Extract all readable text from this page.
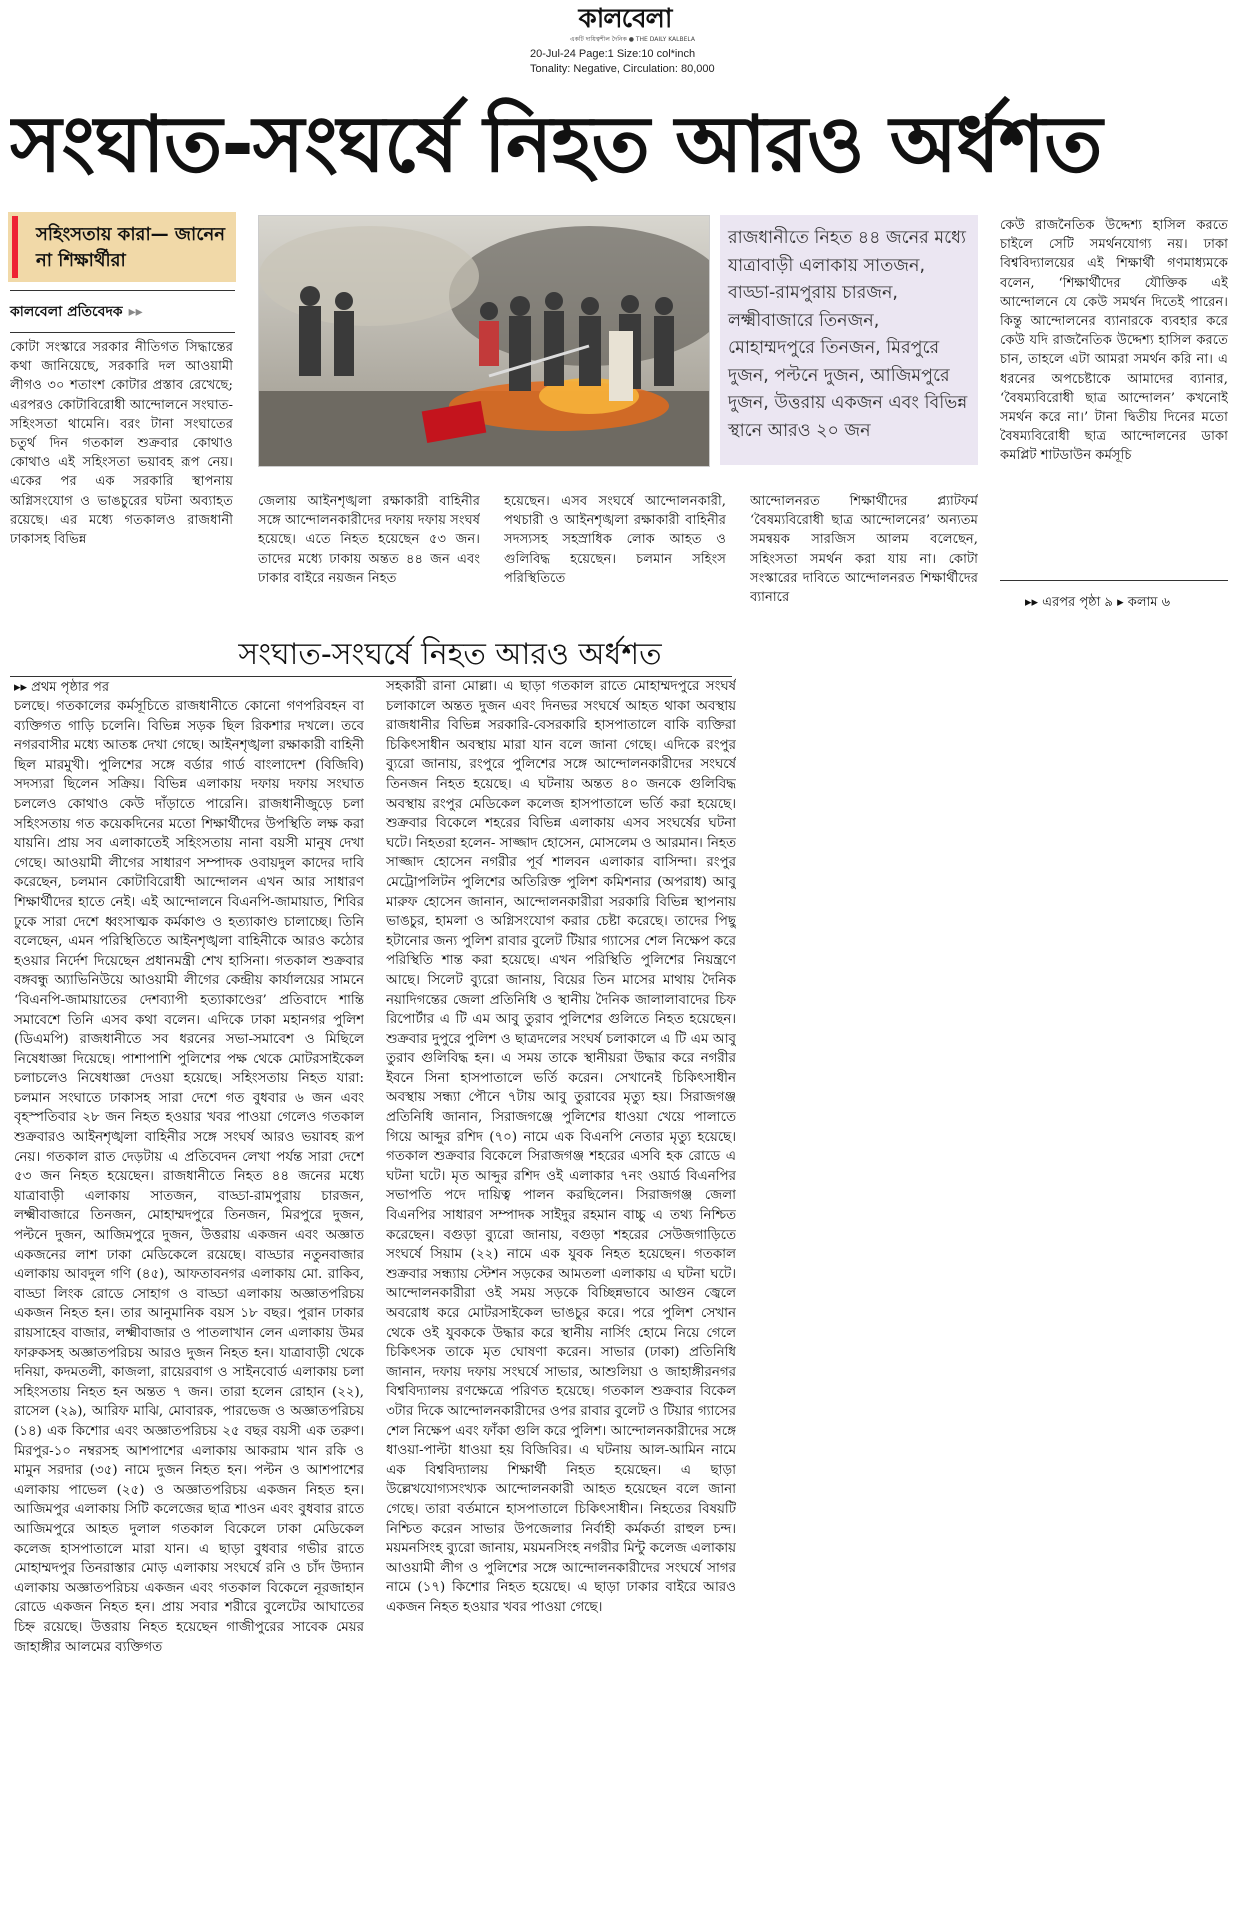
কালবেলা
একটি দায়িত্বশীল দৈনিক ● THE DAILY KALBELA
20-Jul-24 Page:1 Size:10 col*inch
Tonality: Negative, Circulation: 80,000
সংঘাত-সংঘর্ষে নিহত আরও অর্ধশত
সহিংসতায় কারা— জানেন না শিক্ষার্থীরা
কালবেলা প্রতিবেদক ▸▸
কোটা সংস্কারে সরকার নীতিগত সিদ্ধান্তের কথা জানিয়েছে, সরকারি দল আওয়ামী লীগও ৩০ শতাংশ কোটার প্রস্তাব রেখেছে; এরপরও কোটাবিরোধী আন্দোলনে সংঘাত-সহিংসতা থামেনি। বরং টানা সংঘাতের চতুর্থ দিন গতকাল শুক্রবার কোথাও কোথাও এই সহিংসতা ভয়াবহ রূপ নেয়। একের পর এক সরকারি স্থাপনায় অগ্নিসংযোগ ও ভাঙচুরের ঘটনা অব্যাহত রয়েছে। এর মধ্যে গতকালও রাজধানী ঢাকাসহ বিভিন্ন
রাজধানীতে নিহত ৪৪ জনের মধ্যে যাত্রাবাড়ী এলাকায় সাতজন, বাড্ডা-রামপুরায় চারজন, লক্ষ্মীবাজারে তিনজন, মোহাম্মদপুরে তিনজন, মিরপুরে দুজন, পল্টনে দুজন, আজিমপুরে দুজন, উত্তরায় একজন এবং বিভিন্ন স্থানে আরও ২০ জন
জেলায় আইনশৃঙ্খলা রক্ষাকারী বাহিনীর সঙ্গে আন্দোলনকারীদের দফায় দফায় সংঘর্ষ হয়েছে। এতে নিহত হয়েছেন ৫৩ জন। তাদের মধ্যে ঢাকায় অন্তত ৪৪ জন এবং ঢাকার বাইরে নয়জন নিহত
হয়েছেন। এসব সংঘর্ষে আন্দোলনকারী, পথচারী ও আইনশৃঙ্খলা রক্ষাকারী বাহিনীর সদস্যসহ সহস্রাধিক লোক আহত ও গুলিবিদ্ধ হয়েছেন। চলমান সহিংস পরিস্থিতিতে
আন্দোলনরত শিক্ষার্থীদের প্ল্যাটফর্ম ‘বৈষম্যবিরোধী ছাত্র আন্দোলনের’ অন্যতম সমন্বয়ক সারজিস আলম বলেছেন, সহিংসতা সমর্থন করা যায় না। কোটা সংস্কারের দাবিতে আন্দোলনরত শিক্ষার্থীদের ব্যানারে
কেউ রাজনৈতিক উদ্দেশ্য হাসিল করতে চাইলে সেটি সমর্থনযোগ্য নয়। ঢাকা বিশ্ববিদ্যালয়ের এই শিক্ষার্থী গণমাধ্যমকে বলেন, ‘শিক্ষার্থীদের যৌক্তিক এই আন্দোলনে যে কেউ সমর্থন দিতেই পারেন। কিন্তু আন্দোলনের ব্যানারকে ব্যবহার করে কেউ যদি রাজনৈতিক উদ্দেশ্য হাসিল করতে চান, তাহলে এটা আমরা সমর্থন করি না। এ ধরনের অপচেষ্টাকে আমাদের ব্যানার, ‘বৈষম্যবিরোধী ছাত্র আন্দোলন’ কখনোই সমর্থন করে না।’ টানা দ্বিতীয় দিনের মতো বৈষম্যবিরোধী ছাত্র আন্দোলনের ডাকা কমপ্লিট শাটডাউন কর্মসূচি
▸▸ এরপর পৃষ্ঠা ৯ ▸ কলাম ৬
সংঘাত-সংঘর্ষে নিহত আরও অর্ধশত
▸▸ প্রথম পৃষ্ঠার পর
চলছে। গতকালের কর্মসূচিতে রাজধানীতে কোনো গণপরিবহন বা ব্যক্তিগত গাড়ি চলেনি। বিভিন্ন সড়ক ছিল রিকশার দখলে। তবে নগরবাসীর মধ্যে আতঙ্ক দেখা গেছে। আইনশৃঙ্খলা রক্ষাকারী বাহিনী ছিল মারমুখী। পুলিশের সঙ্গে বর্ডার গার্ড বাংলাদেশ (বিজিবি) সদস্যরা ছিলেন সক্রিয়। বিভিন্ন এলাকায় দফায় দফায় সংঘাত চললেও কোথাও কেউ দাঁড়াতে পারেনি। রাজধানীজুড়ে চলা সহিংসতায় গত কয়েকদিনের মতো শিক্ষার্থীদের উপস্থিতি লক্ষ করা যায়নি। প্রায় সব এলাকাতেই সহিংসতায় নানা বয়সী মানুষ দেখা গেছে। আওয়ামী লীগের সাধারণ সম্পাদক ওবায়দুল কাদের দাবি করেছেন, চলমান কোটাবিরোধী আন্দোলন এখন আর সাধারণ শিক্ষার্থীদের হাতে নেই। এই আন্দোলনে বিএনপি-জামায়াত, শিবির ঢুকে সারা দেশে ধ্বংসাত্মক কর্মকাণ্ড ও হত্যাকাণ্ড চালাচ্ছে। তিনি বলেছেন, এমন পরিস্থিতিতে আইনশৃঙ্খলা বাহিনীকে আরও কঠোর হওয়ার নির্দেশ দিয়েছেন প্রধানমন্ত্রী শেখ হাসিনা। গতকাল শুক্রবার বঙ্গবন্ধু অ্যাভিনিউয়ে আওয়ামী লীগের কেন্দ্রীয় কার্যালয়ের সামনে ‘বিএনপি-জামায়াতের দেশব্যাপী হত্যাকাণ্ডের’ প্রতিবাদে শান্তি সমাবেশে তিনি এসব কথা বলেন। এদিকে ঢাকা মহানগর পুলিশ (ডিএমপি) রাজধানীতে সব ধরনের সভা-সমাবেশ ও মিছিলে নিষেধাজ্ঞা দিয়েছে। পাশাপাশি পুলিশের পক্ষ থেকে মোটরসাইকেল চলাচলেও নিষেধাজ্ঞা দেওয়া হয়েছে। সহিংসতায় নিহত যারা: চলমান সংঘাতে ঢাকাসহ সারা দেশে গত বুধবার ৬ জন এবং বৃহস্পতিবার ২৮ জন নিহত হওয়ার খবর পাওয়া গেলেও গতকাল শুক্রবারও আইনশৃঙ্খলা বাহিনীর সঙ্গে সংঘর্ষ আরও ভয়াবহ রূপ নেয়। গতকাল রাত দেড়টায় এ প্রতিবেদন লেখা পর্যন্ত সারা দেশে ৫৩ জন নিহত হয়েছেন। রাজধানীতে নিহত ৪৪ জনের মধ্যে যাত্রাবাড়ী এলাকায় সাতজন, বাড্ডা-রামপুরায় চারজন, লক্ষ্মীবাজারে তিনজন, মোহাম্মদপুরে তিনজন, মিরপুরে দুজন, পল্টনে দুজন, আজিমপুরে দুজন, উত্তরায় একজন এবং অজ্ঞাত একজনের লাশ ঢাকা মেডিকেলে রয়েছে। বাড্ডার নতুনবাজার এলাকায় আবদুল গণি (৪৫), আফতাবনগর এলাকায় মো. রাকিব, বাড্ডা লিংক রোডে সোহাগ ও বাড্ডা এলাকায় অজ্ঞাতপরিচয় একজন নিহত হন। তার আনুমানিক বয়স ১৮ বছর। পুরান ঢাকার রায়সাহেব বাজার, লক্ষ্মীবাজার ও পাতলাখান লেন এলাকায় উমর ফারুকসহ অজ্ঞাতপরিচয় আরও দুজন নিহত হন। যাত্রাবাড়ী থেকে দনিয়া, কদমতলী, কাজলা, রায়েরবাগ ও সাইনবোর্ড এলাকায় চলা সহিংসতায় নিহত হন অন্তত ৭ জন। তারা হলেন রোহান (২২), রাসেল (২৯), আরিফ মাঝি, মোবারক, পারভেজ ও অজ্ঞাতপরিচয় (১৪) এক কিশোর এবং অজ্ঞাতপরিচয় ২৫ বছর বয়সী এক তরুণ। মিরপুর-১০ নম্বরসহ আশপাশের এলাকায় আকরাম খান রকি ও মামুন সরদার (৩৫) নামে দুজন নিহত হন। পল্টন ও আশপাশের এলাকায় পাভেল (২৫) ও অজ্ঞাতপরিচয় একজন নিহত হন। আজিমপুর এলাকায় সিটি কলেজের ছাত্র শাওন এবং বুধবার রাতে আজিমপুরে আহত দুলাল গতকাল বিকেলে ঢাকা মেডিকেল কলেজ হাসপাতালে মারা যান। এ ছাড়া বুধবার গভীর রাতে মোহাম্মদপুর তিনরাস্তার মোড় এলাকায় সংঘর্ষে রনি ও চাঁদ উদ্যান এলাকায় অজ্ঞাতপরিচয় একজন এবং গতকাল বিকেলে নূরজাহান রোডে একজন নিহত হন। প্রায় সবার শরীরে বুলেটের আঘাতের চিহ্ন রয়েছে। উত্তরায় নিহত হয়েছেন গাজীপুরের সাবেক মেয়র জাহাঙ্গীর আলমের ব্যক্তিগত
সহকারী রানা মোল্লা। এ ছাড়া গতকাল রাতে মোহাম্মদপুরে সংঘর্ষ চলাকালে অন্তত দুজন এবং দিনভর সংঘর্ষে আহত থাকা অবস্থায় রাজধানীর বিভিন্ন সরকারি-বেসরকারি হাসপাতালে বাকি ব্যক্তিরা চিকিৎসাধীন অবস্থায় মারা যান বলে জানা গেছে। এদিকে রংপুর ব্যুরো জানায়, রংপুরে পুলিশের সঙ্গে আন্দোলনকারীদের সংঘর্ষে তিনজন নিহত হয়েছে। এ ঘটনায় অন্তত ৪০ জনকে গুলিবিদ্ধ অবস্থায় রংপুর মেডিকেল কলেজ হাসপাতালে ভর্তি করা হয়েছে। শুক্রবার বিকেলে শহরের বিভিন্ন এলাকায় এসব সংঘর্ষের ঘটনা ঘটে। নিহতরা হলেন- সাজ্জাদ হোসেন, মোসলেম ও আরমান। নিহত সাজ্জাদ হোসেন নগরীর পূর্ব শালবন এলাকার বাসিন্দা। রংপুর মেট্রোপলিটন পুলিশের অতিরিক্ত পুলিশ কমিশনার (অপরাধ) আবু মারুফ হোসেন জানান, আন্দোলনকারীরা সরকারি বিভিন্ন স্থাপনায় ভাঙচুর, হামলা ও অগ্নিসংযোগ করার চেষ্টা করেছে। তাদের পিছু হটানোর জন্য পুলিশ রাবার বুলেট টিয়ার গ্যাসের শেল নিক্ষেপ করে পরিস্থিতি শান্ত করা হয়েছে। এখন পরিস্থিতি পুলিশের নিয়ন্ত্রণে আছে। সিলেট ব্যুরো জানায়, বিয়ের তিন মাসের মাথায় দৈনিক নয়াদিগন্তের জেলা প্রতিনিধি ও স্থানীয় দৈনিক জালালাবাদের চিফ রিপোর্টার এ টি এম আবু তুরাব পুলিশের গুলিতে নিহত হয়েছেন। শুক্রবার দুপুরে পুলিশ ও ছাত্রদলের সংঘর্ষ চলাকালে এ টি এম আবু তুরাব গুলিবিদ্ধ হন। এ সময় তাকে স্থানীয়রা উদ্ধার করে নগরীর ইবনে সিনা হাসপাতালে ভর্তি করেন। সেখানেই চিকিৎসাধীন অবস্থায় সন্ধ্যা পৌনে ৭টায় আবু তুরাবের মৃত্যু হয়। সিরাজগঞ্জ প্রতিনিধি জানান, সিরাজগঞ্জে পুলিশের ধাওয়া খেয়ে পালাতে গিয়ে আব্দুর রশিদ (৭০) নামে এক বিএনপি নেতার মৃত্যু হয়েছে। গতকাল শুক্রবার বিকেলে সিরাজগঞ্জ শহরের এসবি হক রোডে এ ঘটনা ঘটে। মৃত আব্দুর রশিদ ওই এলাকার ৭নং ওয়ার্ড বিএনপির সভাপতি পদে দায়িত্ব পালন করছিলেন। সিরাজগঞ্জ জেলা বিএনপির সাধারণ সম্পাদক সাইদুর রহমান বাচ্চু এ তথ্য নিশ্চিত করেছেন। বগুড়া ব্যুরো জানায়, বগুড়া শহরের সেউজগাড়িতে সংঘর্ষে সিয়াম (২২) নামে এক যুবক নিহত হয়েছেন। গতকাল শুক্রবার সন্ধ্যায় স্টেশন সড়কের আমতলা এলাকায় এ ঘটনা ঘটে। আন্দোলনকারীরা ওই সময় সড়কে বিচ্ছিন্নভাবে আগুন জ্বেলে অবরোধ করে মোটরসাইকেল ভাঙচুর করে। পরে পুলিশ সেখান থেকে ওই যুবককে উদ্ধার করে স্থানীয় নার্সিং হোমে নিয়ে গেলে চিকিৎসক তাকে মৃত ঘোষণা করেন। সাভার (ঢাকা) প্রতিনিধি জানান, দফায় দফায় সংঘর্ষে সাভার, আশুলিয়া ও জাহাঙ্গীরনগর বিশ্ববিদ্যালয় রণক্ষেত্রে পরিণত হয়েছে। গতকাল শুক্রবার বিকেল ৩টার দিকে আন্দোলনকারীদের ওপর রাবার বুলেট ও টিয়ার গ্যাসের শেল নিক্ষেপ এবং ফাঁকা গুলি করে পুলিশ। আন্দোলনকারীদের সঙ্গে ধাওয়া-পাল্টা ধাওয়া হয় বিজিবির। এ ঘটনায় আল-আমিন নামে এক বিশ্ববিদ্যালয় শিক্ষার্থী নিহত হয়েছেন। এ ছাড়া উল্লেখযোগ্যসংখ্যক আন্দোলনকারী আহত হয়েছেন বলে জানা গেছে। তারা বর্তমানে হাসপাতালে চিকিৎসাধীন। নিহতের বিষয়টি নিশ্চিত করেন সাভার উপজেলার নির্বাহী কর্মকর্তা রাহুল চন্দ। ময়মনসিংহ ব্যুরো জানায়, ময়মনসিংহ নগরীর মিন্টু কলেজ এলাকায় আওয়ামী লীগ ও পুলিশের সঙ্গে আন্দোলনকারীদের সংঘর্ষে সাগর নামে (১৭) কিশোর নিহত হয়েছে। এ ছাড়া ঢাকার বাইরে আরও একজন নিহত হওয়ার খবর পাওয়া গেছে।
